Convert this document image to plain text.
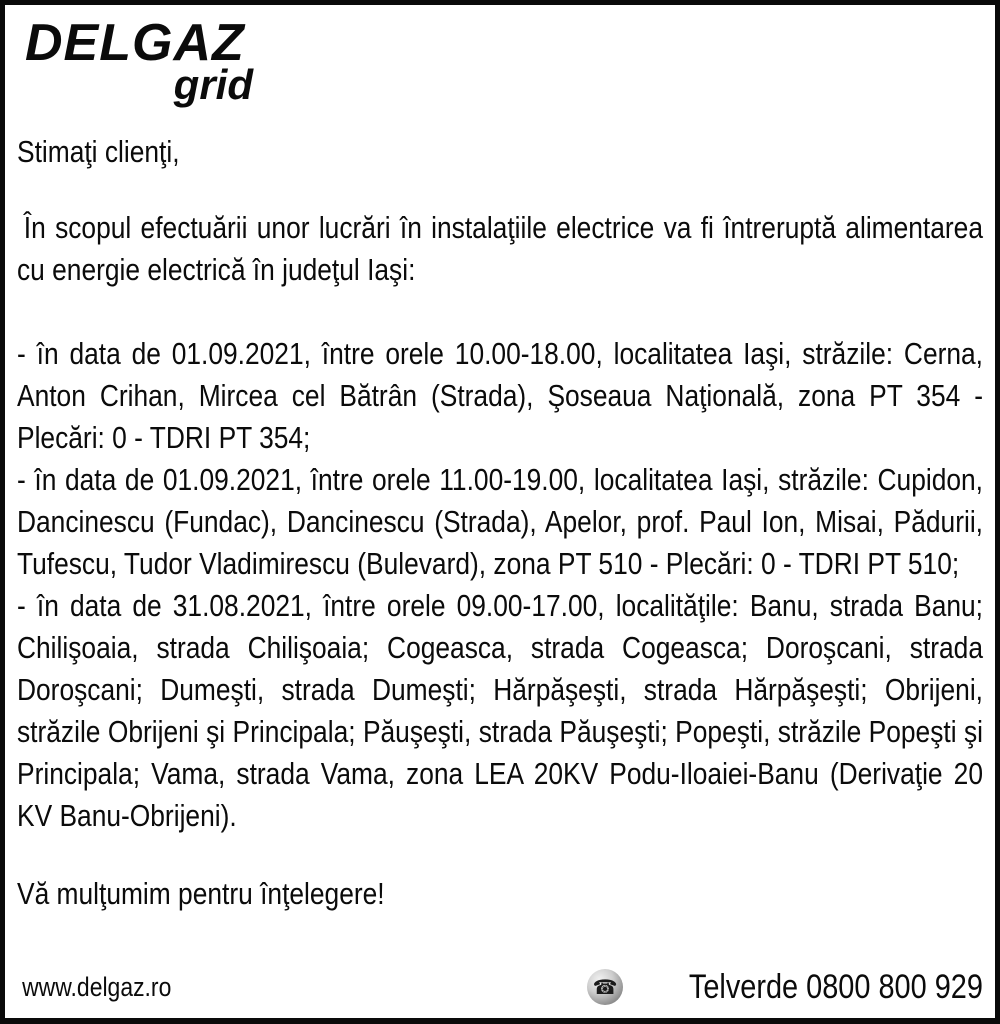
DELGAZ
grid

Stimaţi clienţi,

În scopul efectuării unor lucrări în instalaţiile electrice va fi întreruptă alimentarea cu energie electrică în judeţul Iaşi:

- în data de 01.09.2021, între orele 10.00-18.00, localitatea Iaşi, străzile: Cerna, Anton Crihan, Mircea cel Bătrân (Strada), Şoseaua Naţională, zona PT 354 - Plecări: 0 - TDRI PT 354;

- în data de 01.09.2021, între orele 11.00-19.00, localitatea Iaşi, străzile: Cupidon, Dancinescu (Fundac), Dancinescu (Strada), Apelor, prof. Paul Ion, Misai, Pădurii, Tufescu, Tudor Vladimirescu (Bulevard), zona PT 510 - Plecări: 0 - TDRI PT 510;

- în data de 31.08.2021, între orele 09.00-17.00, localităţile: Banu, strada Banu; Chilişoaia, strada Chilişoaia; Cogeasca, strada Cogeasca; Doroşcani, strada Doroşcani; Dumeşti, strada Dumeşti; Hărpăşeşti, strada Hărpăşeşti; Obrijeni, străzile Obrijeni şi Principala; Păuşeşti, strada Păuşeşti; Popeşti, străzile Popeşti şi Principala; Vama, strada Vama, zona LEA 20KV Podu-Iloaiei-Banu (Derivaţie 20 KV Banu-Obrijeni).

Vă mulţumim pentru înţelegere!

www.delgaz.ro	☎ Telverde 0800 800 929
